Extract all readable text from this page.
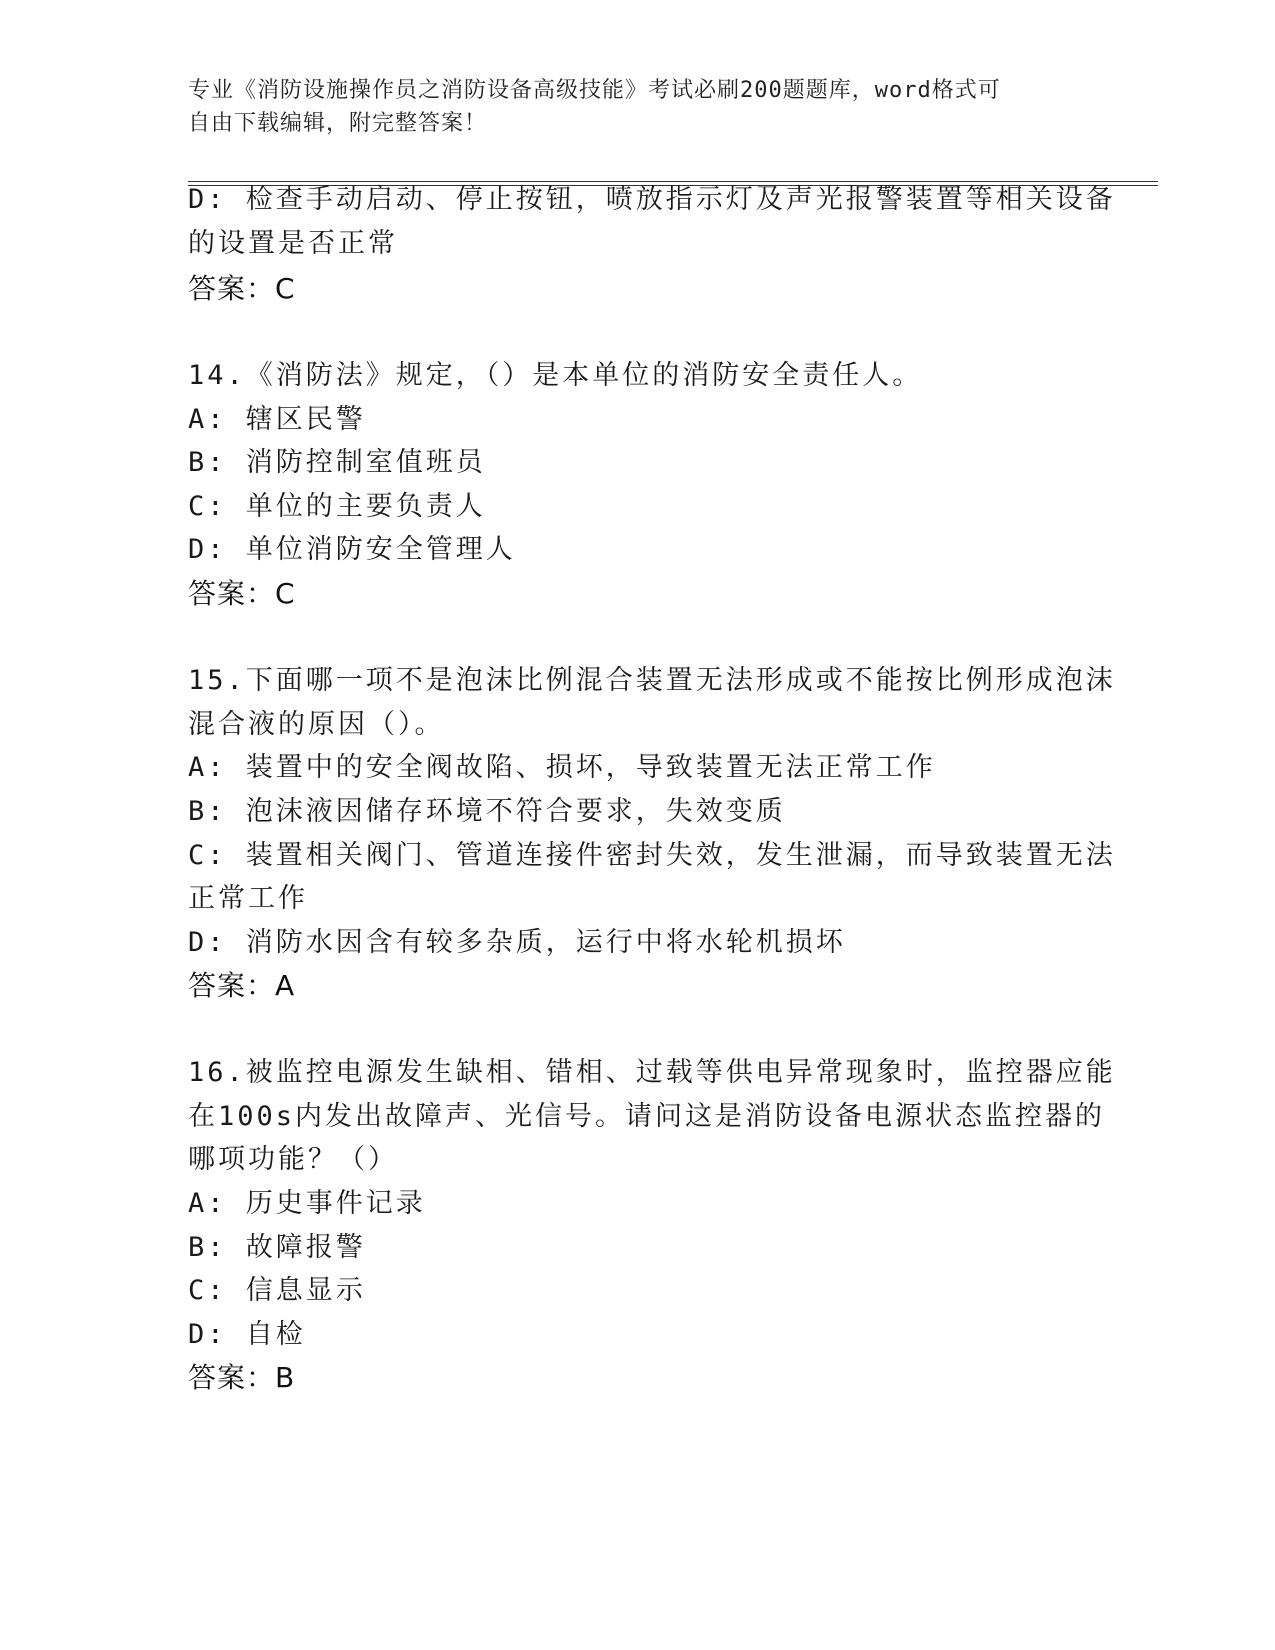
专业《消防设施操作员之消防设备高级技能》考试必刷200题题库，word格式可
自由下载编辑，附完整答案！
D: 检查手动启动、停止按钮，喷放指示灯及声光报警装置等相关设备
的设置是否正常
答案：C
14.《消防法》规定，（）是本单位的消防安全责任人。
A: 辖区民警
B: 消防控制室值班员
C: 单位的主要负责人
D: 单位消防安全管理人
答案：C
15.下面哪一项不是泡沫比例混合装置无法形成或不能按比例形成泡沫
混合液的原因（）。
A: 装置中的安全阀故陷、损坏，导致装置无法正常工作
B: 泡沫液因储存环境不符合要求，失效变质
C: 装置相关阀门、管道连接件密封失效，发生泄漏，而导致装置无法
正常工作
D: 消防水因含有较多杂质，运行中将水轮机损坏
答案：A
16.被监控电源发生缺相、错相、过载等供电异常现象时，监控器应能
在100s内发出故障声、光信号。请问这是消防设备电源状态监控器的
哪项功能？（）
A: 历史事件记录
B: 故障报警
C: 信息显示
D: 自检
答案：B
